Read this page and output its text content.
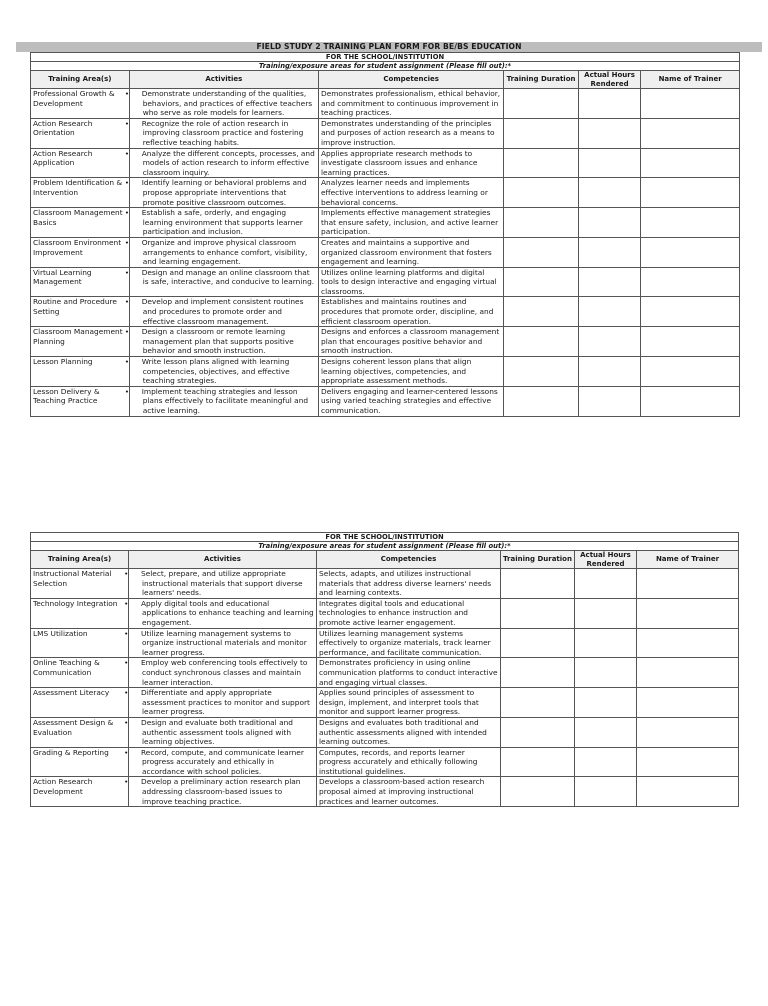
FIELD STUDY 2 TRAINING PLAN FORM FOR BE/BS EDUCATION
FOR THE SCHOOL/INSTITUTION					
Training/exposure areas for student assignment (Please fill out):*					
Training Area(s)	Activities	Competencies	Training Duration	Actual Hours Rendered	Name of Trainer
Professional Growth & Development	• Demonstrate understanding of the qualities, behaviors, and practices of effective teachers who serve as role models for learners.	Demonstrates professionalism, ethical behavior, and commitment to continuous improvement in teaching practices.			
Action Research Orientation	• Recognize the role of action research in improving classroom practice and fostering reflective teaching habits.	Demonstrates understanding of the principles and purposes of action research as a means to improve instruction.			
Action Research Application	• Analyze the different concepts, processes, and models of action research to inform effective classroom inquiry.	Applies appropriate research methods to investigate classroom issues and enhance learning practices.			
Problem Identification & Intervention	• Identify learning or behavioral problems and propose appropriate interventions that promote positive classroom outcomes.	Analyzes learner needs and implements effective interventions to address learning or behavioral concerns.			
Classroom Management Basics	• Establish a safe, orderly, and engaging learning environment that supports learner participation and inclusion.	Implements effective management strategies that ensure safety, inclusion, and active learner participation.			
Classroom Environment Improvement	• Organize and improve physical classroom arrangements to enhance comfort, visibility, and learning engagement.	Creates and maintains a supportive and organized classroom environment that fosters engagement and learning.			
Virtual Learning Management	• Design and manage an online classroom that is safe, interactive, and conducive to learning.	Utilizes online learning platforms and digital tools to design interactive and engaging virtual classrooms.			
Routine and Procedure Setting	• Develop and implement consistent routines and procedures to promote order and effective classroom management.	Establishes and maintains routines and procedures that promote order, discipline, and efficient classroom operation.			
Classroom Management Planning	• Design a classroom or remote learning management plan that supports positive behavior and smooth instruction.	Designs and enforces a classroom management plan that encourages positive behavior and smooth instruction.			
Lesson Planning	• Write lesson plans aligned with learning competencies, objectives, and effective teaching strategies.	Designs coherent lesson plans that align learning objectives, competencies, and appropriate assessment methods.			
Lesson Delivery & Teaching Practice	• Implement teaching strategies and lesson plans effectively to facilitate meaningful and active learning.	Delivers engaging and learner-centered lessons using varied teaching strategies and effective communication.			
FOR THE SCHOOL/INSTITUTION					
Training/exposure areas for student assignment (Please fill out):*					
Training Area(s)	Activities	Competencies	Training Duration	Actual Hours Rendered	Name of Trainer
Instructional Material Selection	• Select, prepare, and utilize appropriate instructional materials that support diverse learners' needs.	Selects, adapts, and utilizes instructional materials that address diverse learners' needs and learning contexts.			
Technology Integration	• Apply digital tools and educational applications to enhance teaching and learning engagement.	Integrates digital tools and educational technologies to enhance instruction and promote active learner engagement.			
LMS Utilization	• Utilize learning management systems to organize instructional materials and monitor learner progress.	Utilizes learning management systems effectively to organize materials, track learner performance, and facilitate communication.			
Online Teaching & Communication	• Employ web conferencing tools effectively to conduct synchronous classes and maintain learner interaction.	Demonstrates proficiency in using online communication platforms to conduct interactive and engaging virtual classes.			
Assessment Literacy	• Differentiate and apply appropriate assessment practices to monitor and support learner progress.	Applies sound principles of assessment to design, implement, and interpret tools that monitor and support learner progress.			
Assessment Design & Evaluation	• Design and evaluate both traditional and authentic assessment tools aligned with learning objectives.	Designs and evaluates both traditional and authentic assessments aligned with intended learning outcomes.			
Grading & Reporting	• Record, compute, and communicate learner progress accurately and ethically in accordance with school policies.	Computes, records, and reports learner progress accurately and ethically following institutional guidelines.			
Action Research Development	• Develop a preliminary action research plan addressing classroom-based issues to improve teaching practice.	Develops a classroom-based action research proposal aimed at improving instructional practices and learner outcomes.			
